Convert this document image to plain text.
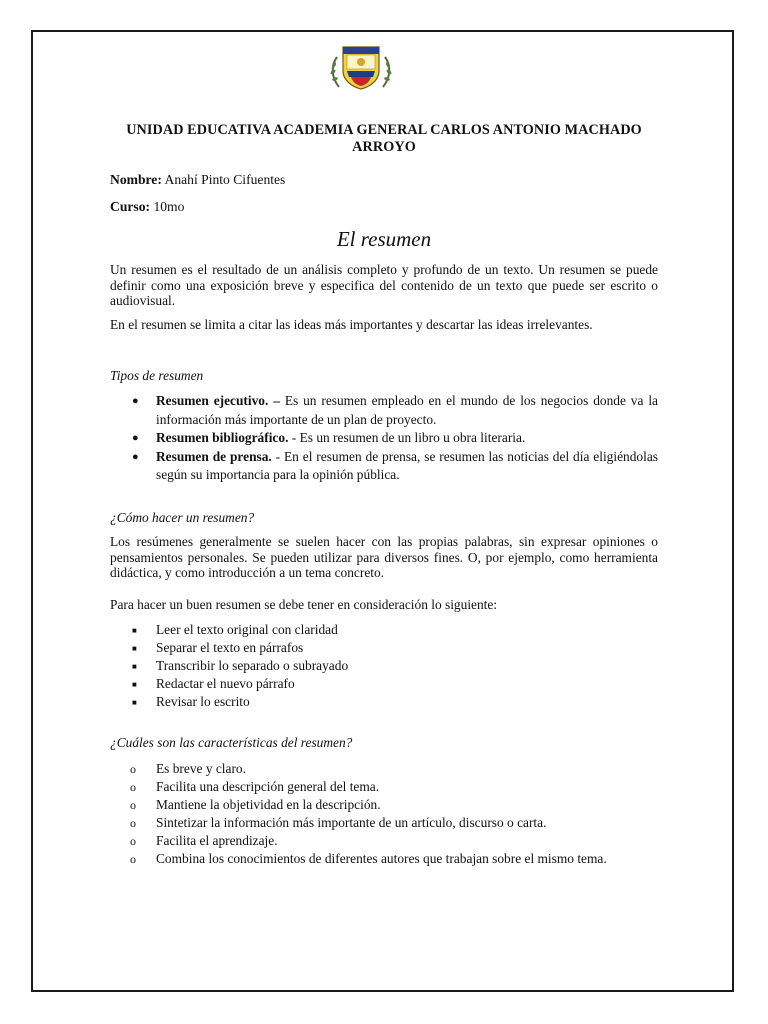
UNIDAD EDUCATIVA ACADEMIA GENERAL CARLOS ANTONIO MACHADO ARROYO
Nombre: Anahí Pinto Cifuentes
Curso: 10mo
El resumen
Un resumen es el resultado de un análisis completo y profundo de un texto. Un resumen se puede definir como una exposición breve y especifica del contenido de un texto que puede ser escrito o audiovisual.
En el resumen se limita a citar las ideas más importantes y descartar las ideas irrelevantes.
Tipos de resumen
● Resumen ejecutivo. – Es un resumen empleado en el mundo de los negocios donde va la información más importante de un plan de proyecto.
● Resumen bibliográfico. - Es un resumen de un libro u obra literaria.
● Resumen de prensa. - En el resumen de prensa, se resumen las noticias del día eligiéndolas según su importancia para la opinión pública.
¿Cómo hacer un resumen?
Los resúmenes generalmente se suelen hacer con las propias palabras, sin expresar opiniones o pensamientos personales. Se pueden utilizar para diversos fines. O, por ejemplo, como herramienta didáctica, y como introducción a un tema concreto.
Para hacer un buen resumen se debe tener en consideración lo siguiente:
■ Leer el texto original con claridad
■ Separar el texto en párrafos
■ Transcribir lo separado o subrayado
■ Redactar el nuevo párrafo
■ Revisar lo escrito
¿Cuáles son las características del resumen?
o Es breve y claro.
o Facilita una descripción general del tema.
o Mantiene la objetividad en la descripción.
o Sintetizar la información más importante de un artículo, discurso o carta.
o Facilita el aprendizaje.
o Combina los conocimientos de diferentes autores que trabajan sobre el mismo tema.
